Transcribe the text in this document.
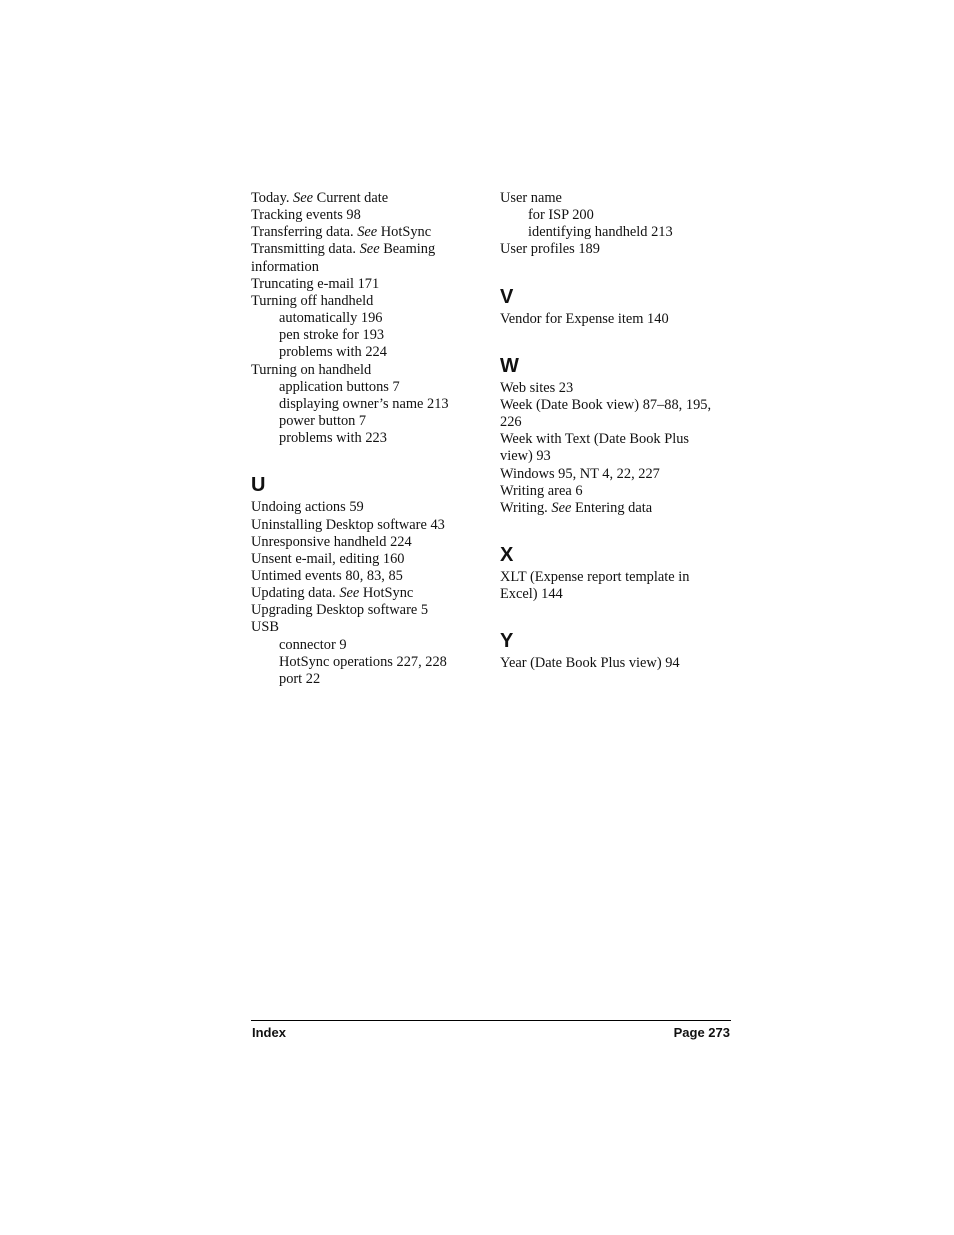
Today. See Current date
Tracking events 98
Transferring data. See HotSync
Transmitting data. See Beaming
information
Truncating e-mail 171
Turning off handheld
automatically 196
pen stroke for 193
problems with 224
Turning on handheld
application buttons 7
displaying owner’s name 213
power button 7
problems with 223
U
Undoing actions 59
Uninstalling Desktop software 43
Unresponsive handheld 224
Unsent e-mail, editing 160
Untimed events 80, 83, 85
Updating data. See HotSync
Upgrading Desktop software 5
USB
connector 9
HotSync operations 227, 228
port 22
User name
for ISP 200
identifying handheld 213
User profiles 189
V
Vendor for Expense item 140
W
Web sites 23
Week (Date Book view) 87–88, 195,
226
Week with Text (Date Book Plus
view) 93
Windows 95, NT 4, 22, 227
Writing area 6
Writing. See Entering data
X
XLT (Expense report template in
Excel) 144
Y
Year (Date Book Plus view) 94
Index	Page 273
